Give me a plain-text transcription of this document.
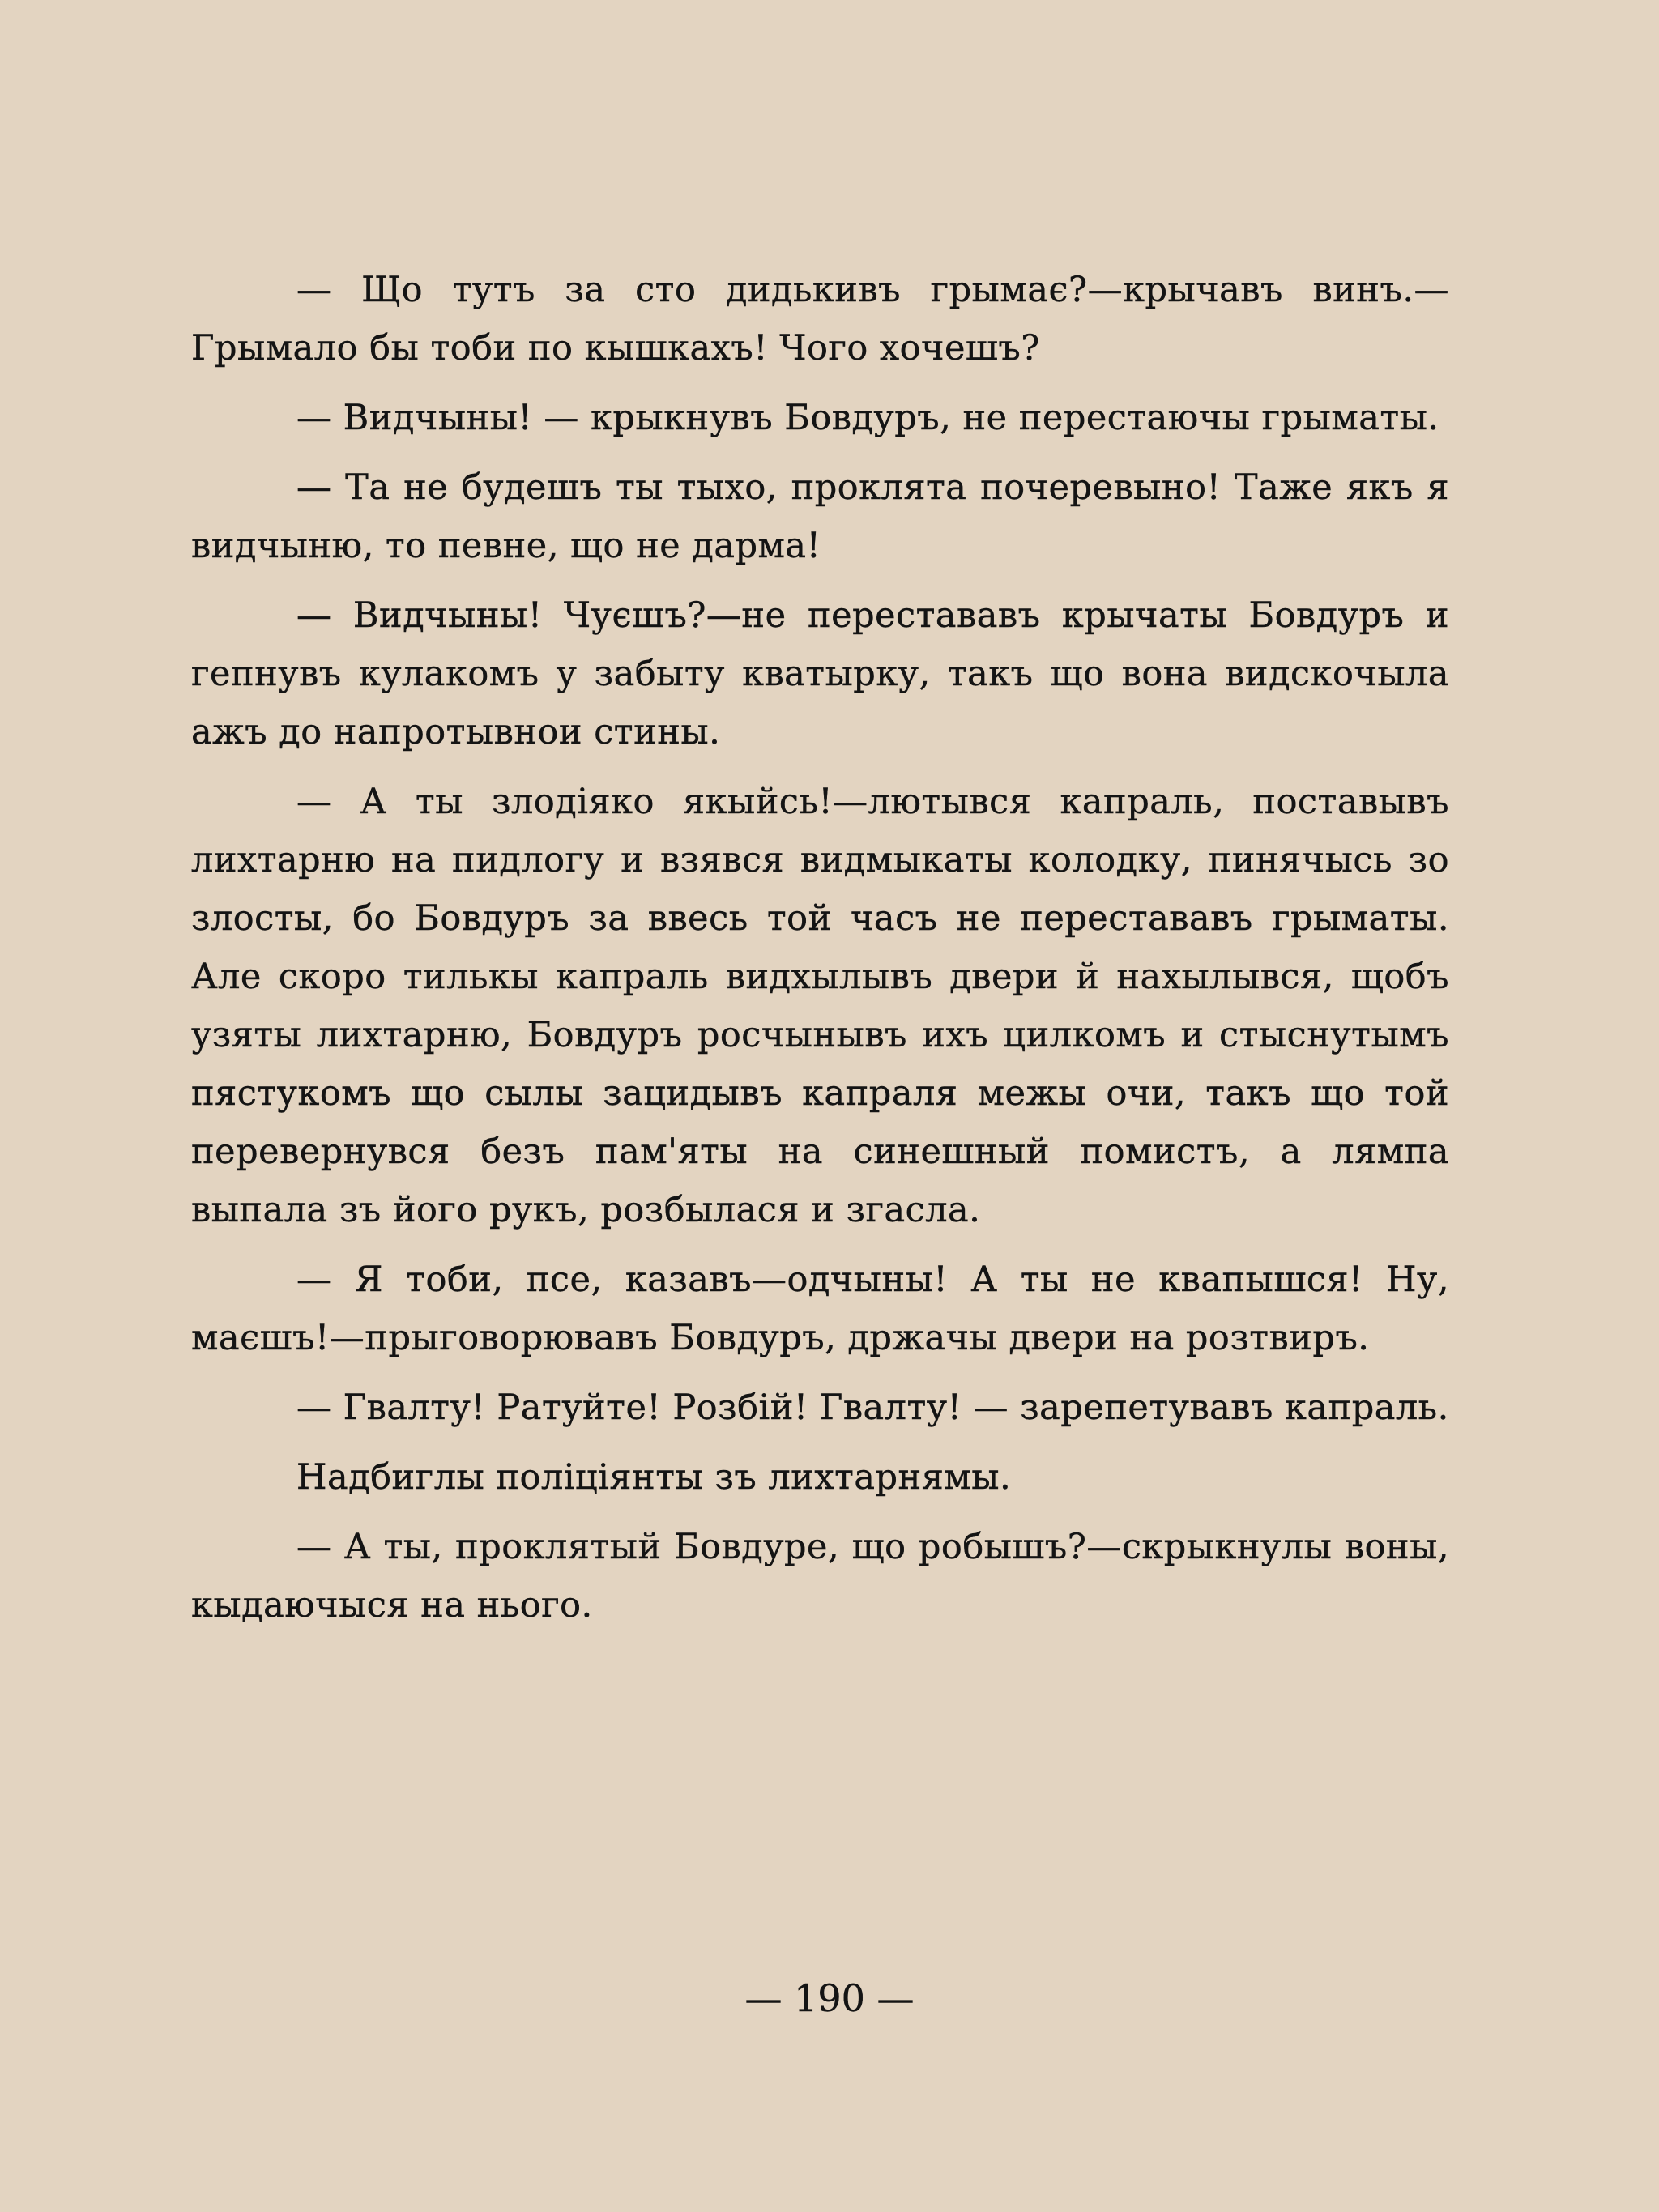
— Що тутъ за сто дидькивъ грымає?—крычавъ винъ.— Грымало бы тоби по кышкахъ! Чого хочешъ?

— Видчыны! — крыкнувъ Бовдуръ, не перестаючы грыматы.

— Та не будешъ ты тыхо, проклята почеревыно! Таже якъ я видчыню, то певне, що не дарма!

— Видчыны! Чуєшъ?—не перестававъ крычаты Бовдуръ и гепнувъ кулакомъ у забыту кватырку, такъ що вона видскочыла ажъ до напротывнои стины.

— А ты злодіяко якыйсь!—лютывся капраль, поставывъ лихтарню на пидлогу и взявся видмыкаты колодку, пинячысь зо злосты, бо Бовдуръ за ввесь той часъ не перестававъ грыматы. Але скоро тилькы капраль видхылывъ двери й нахылывся, щобъ узяты лихтарню, Бовдуръ росчынывъ ихъ цилкомъ и стыснутымъ пястукомъ що сылы зацидывъ капраля межы очи, такъ що той перевернувся безъ пам'яты на синешный помистъ, а лямпа выпала зъ його рукъ, розбылася и згасла.

— Я тоби, псе, казавъ—одчыны! А ты не квапышся! Ну, маєшъ!—прыговорювавъ Бовдуръ, држачы двери на розтвиръ.

— Гвалту! Ратуйте! Розбій! Гвалту! — зарепетувавъ капраль.

Надбиглы поліціянты зъ лихтарнямы.

— А ты, проклятый Бовдуре, що робышъ?—скрыкнулы воны, кыдаючыся на нього.

— 190 —
